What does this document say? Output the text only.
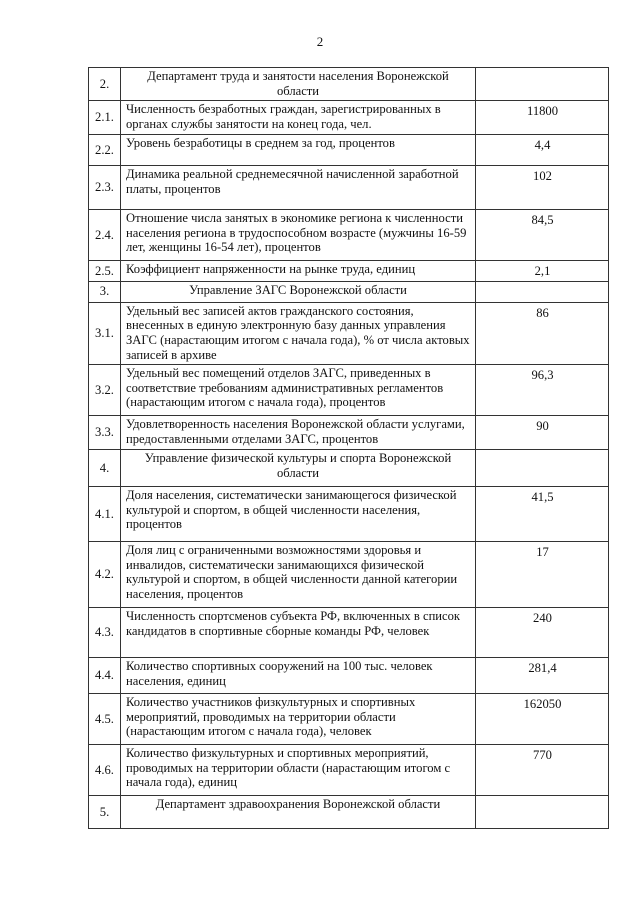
2
2.	Департамент труда и занятости населения Воронежской области	
2.1.	Численность безработных граждан, зарегистрированных в органах службы занятости на конец года, чел.	11800
2.2.	Уровень безработицы в среднем за год, процентов	4,4
2.3.	Динамика реальной среднемесячной начисленной заработной платы, процентов	102
2.4.	Отношение числа занятых в экономике региона к численности населения региона в трудоспособном возрасте (мужчины 16-59 лет, женщины 16-54 лет), процентов	84,5
2.5.	Коэффициент напряженности на рынке труда, единиц	2,1
3.	Управление ЗАГС Воронежской области	
3.1.	Удельный вес записей актов гражданского состояния, внесенных в единую электронную базу данных управления ЗАГС (нарастающим итогом с начала года), % от числа актовых записей в архиве	86
3.2.	Удельный вес помещений отделов ЗАГС, приведенных в соответствие требованиям административных регламентов (нарастающим итогом с начала года), процентов	96,3
3.3.	Удовлетворенность населения Воронежской области услугами, предоставленными отделами ЗАГС, процентов	90
4.	Управление физической культуры и спорта Воронежской области	
4.1.	Доля населения, систематически занимающегося физической культурой и спортом, в общей численности населения, процентов	41,5
4.2.	Доля лиц с ограниченными возможностями здоровья и инвалидов, систематически занимающихся физической культурой и спортом, в общей численности данной категории населения, процентов	17
4.3.	Численность спортсменов субъекта РФ, включенных в список кандидатов в спортивные сборные команды РФ, человек	240
4.4.	Количество спортивных сооружений на 100 тыс. человек населения, единиц	281,4
4.5.	Количество участников физкультурных и спортивных мероприятий, проводимых на территории области (нарастающим итогом с начала года), человек	162050
4.6.	Количество физкультурных и спортивных мероприятий, проводимых на территории области (нарастающим итогом с начала года), единиц	770
5.	Департамент здравоохранения Воронежской области	
